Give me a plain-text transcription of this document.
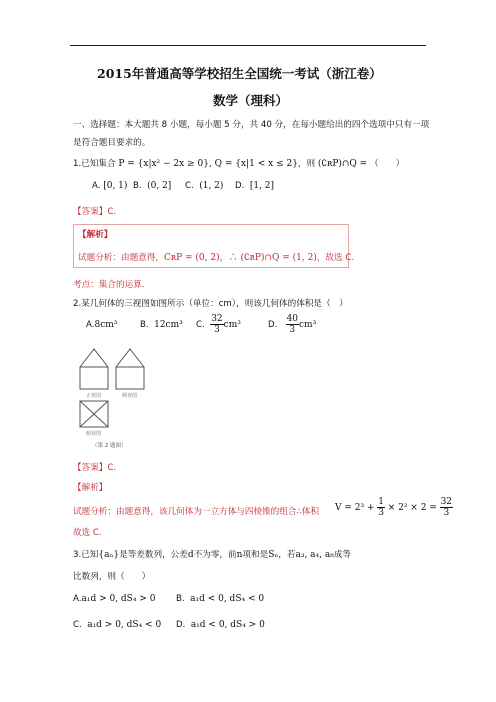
2015年普通高等学校招生全国统一考试（浙江卷）
数学（理科）
一、选择题：本大题共 8 小题，每小题 5 分，共 40 分，在每小题给出的四个选项中只有一项
是符合题目要求的。
1.已知集合 P = {x|x² − 2x ≥ 0}, Q = {x|1 < x ≤ 2}，则 (∁ʀP)∩Q = （　　）
A. [0, 1) B. (0, 2] C. (1, 2) D. [1, 2]
【答案】C.
【解析】
试题分析：由题意得，CʀP = (0, 2)，∴ (∁ʀP)∩Q = (1, 2)，故选 C.
考点：集合的运算.
2.某几何体的三视图如图所示（单位：cm），则该几何体的体积是（　）
A.8cm³	B. 12cm³ C. $\frac{32}{3} cm^3$	D. $\frac{40}{3} cm^3$
正视图	侧视图
俯视图
（第 2 题图）
【答案】C.
【解析】
试题分析：由题意得，该几何体为一立方体与四棱锥的组合∴体积 $V = 2^3 + \frac{1}{3} \times 2^2 \times 2 = \frac{32}{3}$
故选 C.
3.已知{aₙ}是等差数列，公差d不为零，前n项和是Sₙ，若a₃, a₄, a₈成等
比数列，则（　　）
A.a₁d > 0, dS₄ > 0 B. a₁d < 0, dS₄ < 0
C. a₁d > 0, dS₄ < 0 D. a₁d < 0, dS₄ > 0
